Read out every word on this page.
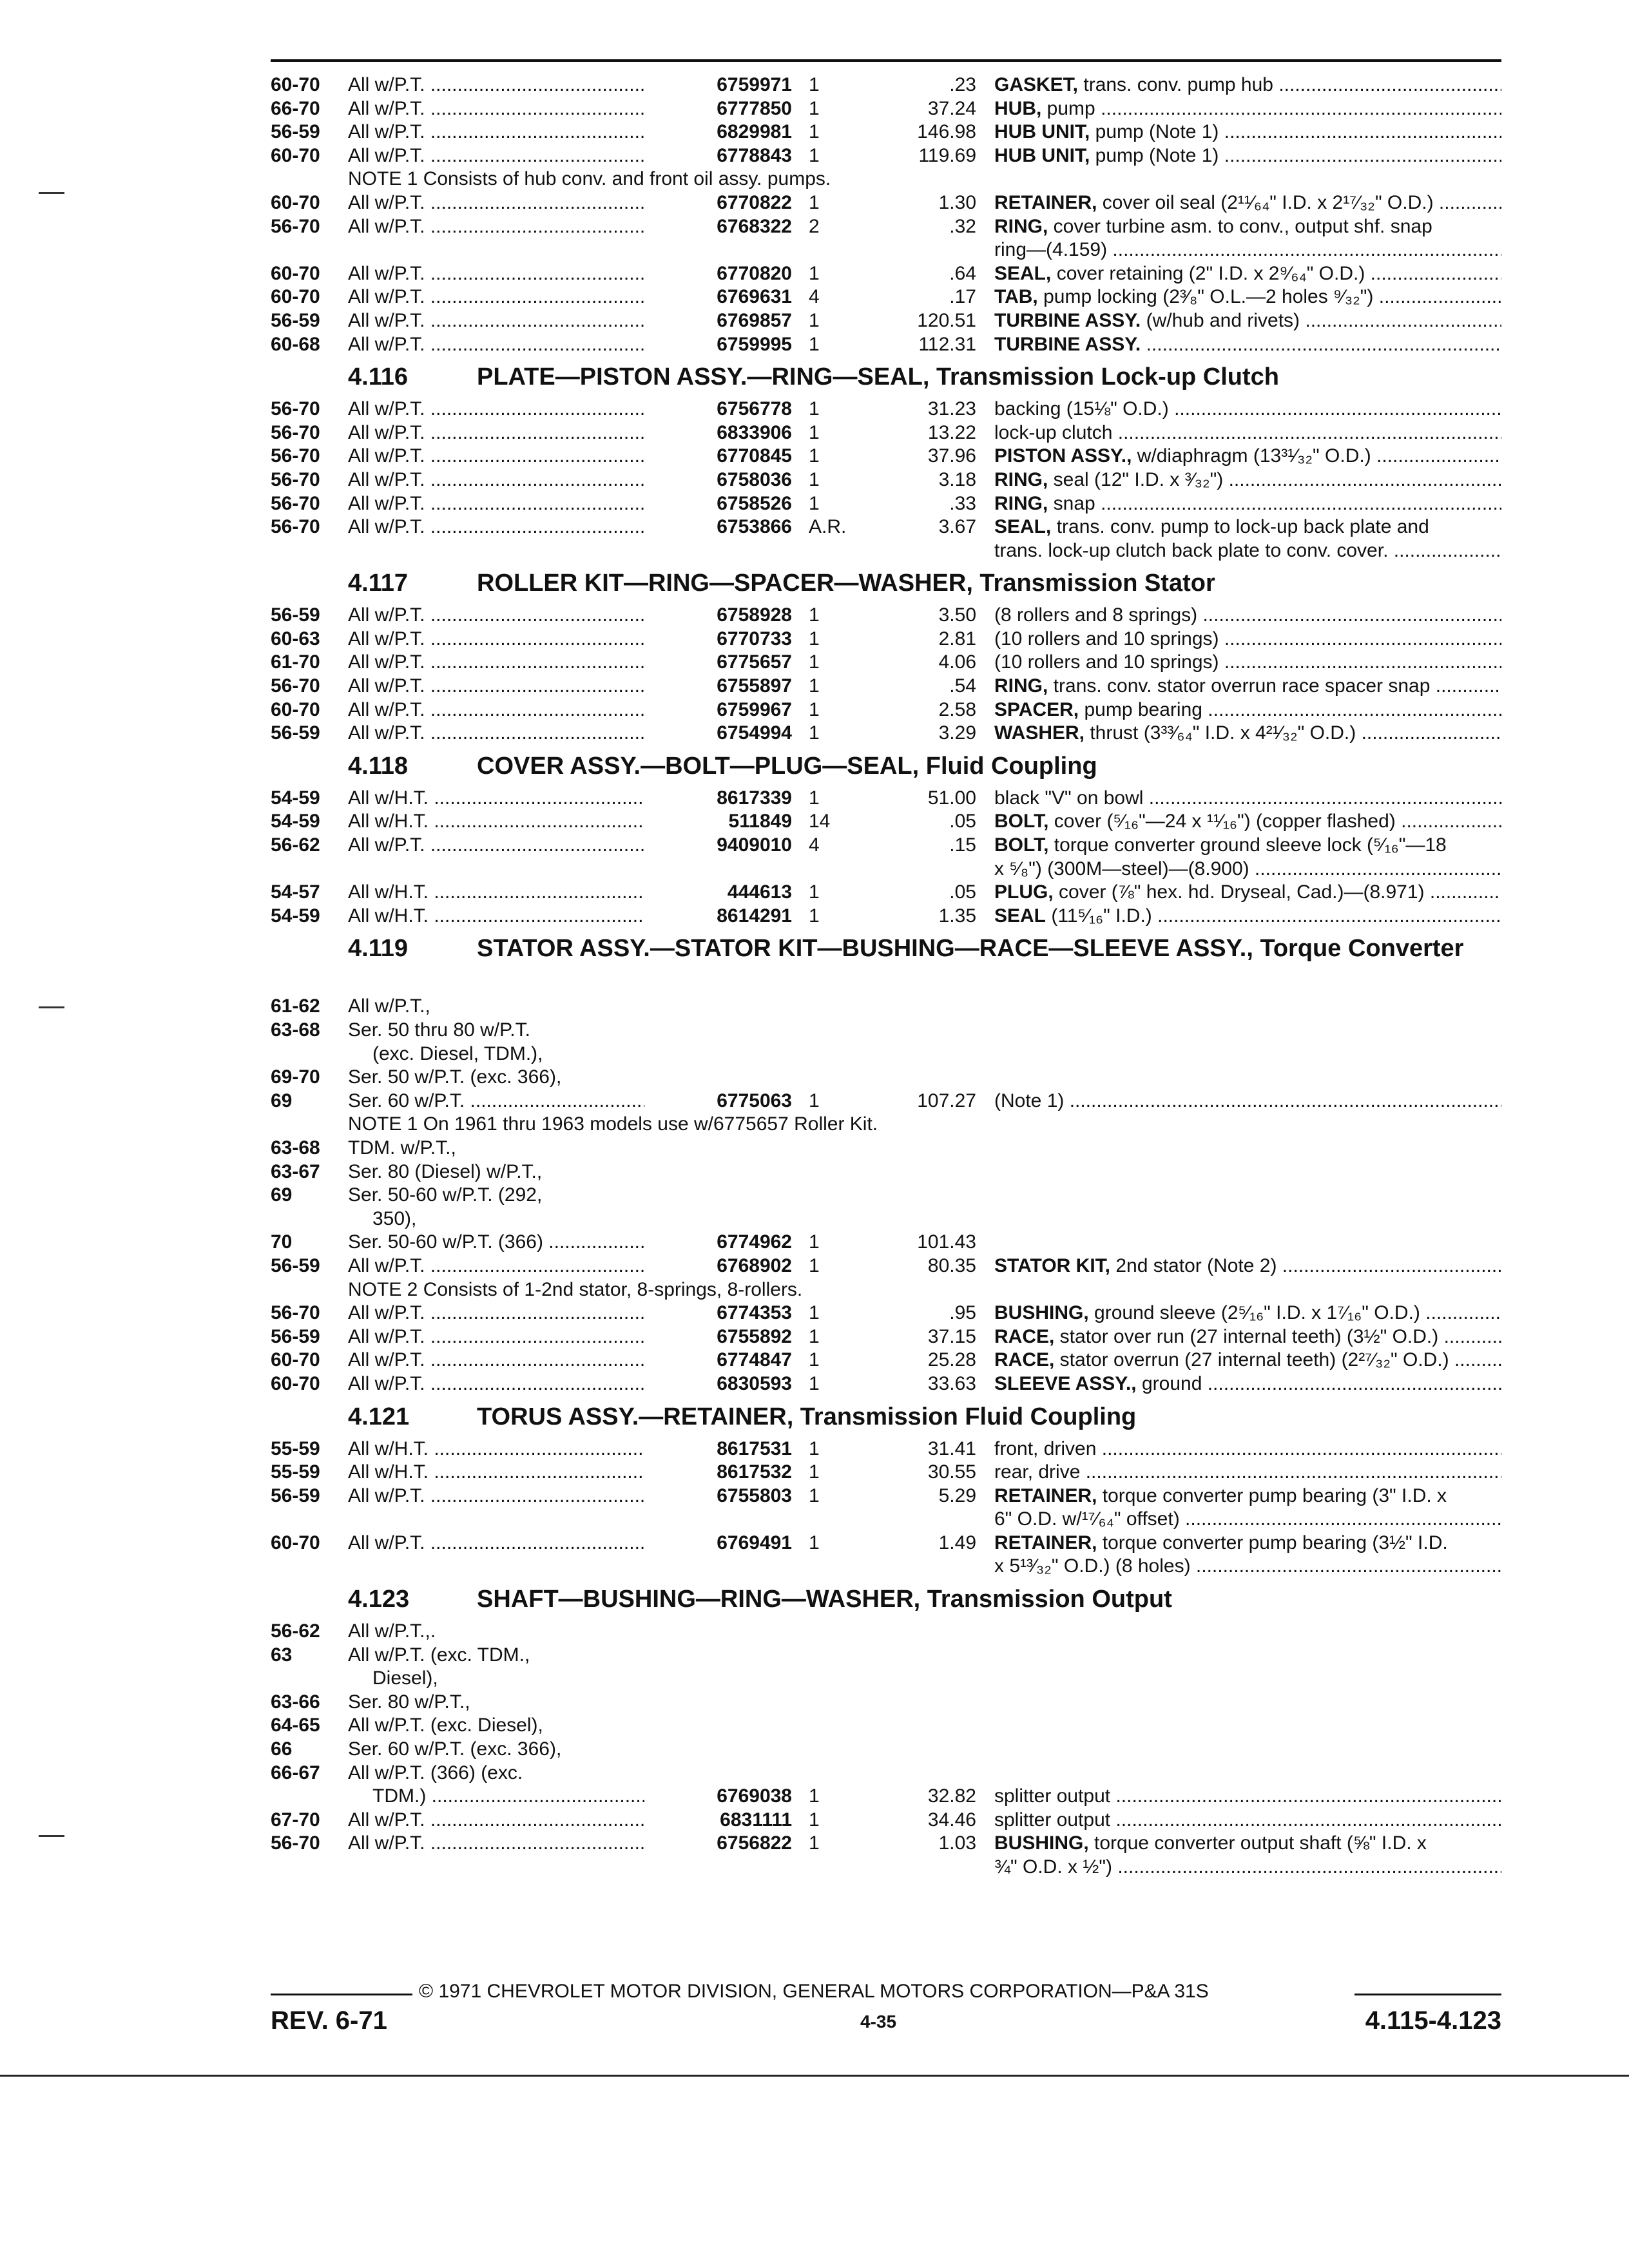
60-70	All w/P.T. .....	6759971 1	.23 GASKET, trans. conv. pump hub .....
66-70	All w/P.T. .....	6777850 1	37.24 HUB, pump .....
56-59	All w/P.T. .....	6829981 1	146.98 HUB UNIT, pump (Note 1) .....
60-70	All w/P.T. .....	6778843 1	119.69 HUB UNIT, pump (Note 1) .....
NOTE 1 Consists of hub conv. and front oil assy. pumps.
60-70	All w/P.T. .....	6770822 1	1.30 RETAINER, cover oil seal (2¹¹⁄₆₄" I.D. x 2¹⁷⁄₃₂" O.D.) .....
56-70	All w/P.T. .....	6768322 2	.32 RING, cover turbine asm. to conv., output shf. snap
ring—(4.159) .....
60-70	All w/P.T. .....	6770820 1	.64 SEAL, cover retaining (2" I.D. x 2⁹⁄₆₄" O.D.) .....
60-70	All w/P.T. .....	6769631 4	.17 TAB, pump locking (2³⁄₈" O.L.—2 holes ⁹⁄₃₂") .....
56-59	All w/P.T. .....	6769857 1	120.51 TURBINE ASSY. (w/hub and rivets) .....
60-68	All w/P.T. .....	6759995 1	112.31 TURBINE ASSY. .....
4.116	PLATE—PISTON ASSY.—RING—SEAL, Transmission Lock-up Clutch
56-70	All w/P.T. .....	6756778 1	31.23 backing (15⅛" O.D.) .....
56-70	All w/P.T. .....	6833906 1	13.22 lock-up clutch .....
56-70	All w/P.T. .....	6770845 1	37.96 PISTON ASSY., w/diaphragm (13³¹⁄₃₂" O.D.) .....
56-70	All w/P.T. .....	6758036 1	3.18 RING, seal (12" I.D. x ³⁄₃₂") .....
56-70	All w/P.T. .....	6758526 1	.33 RING, snap .....
56-70	All w/P.T. .....	6753866 A.R.	3.67 SEAL, trans. conv. pump to lock-up back plate and
trans. lock-up clutch back plate to conv. cover. .....
4.117	ROLLER KIT—RING—SPACER—WASHER, Transmission Stator
56-59	All w/P.T. .....	6758928 1	3.50 (8 rollers and 8 springs) .....
60-63	All w/P.T. .....	6770733 1	2.81 (10 rollers and 10 springs) .....
61-70	All w/P.T. .....	6775657 1	4.06 (10 rollers and 10 springs) .....
56-70	All w/P.T. .....	6755897 1	.54 RING, trans. conv. stator overrun race spacer snap .....
60-70	All w/P.T. .....	6759967 1	2.58 SPACER, pump bearing .....
56-59	All w/P.T. .....	6754994 1	3.29 WASHER, thrust (3³³⁄₆₄" I.D. x 4²¹⁄₃₂" O.D.) .....
4.118	COVER ASSY.—BOLT—PLUG—SEAL, Fluid Coupling
54-59	All w/H.T. .....	8617339 1	51.00 black "V" on bowl .....
54-59	All w/H.T. .....	511849 14	.05 BOLT, cover (⁵⁄₁₆"—24 x ¹¹⁄₁₆") (copper flashed) .....
56-62	All w/P.T. .....	9409010 4	.15 BOLT, torque converter ground sleeve lock (⁵⁄₁₆"—18
x ⁵⁄₈") (300M—steel)—(8.900) .....
54-57	All w/H.T. .....	444613 1	.05 PLUG, cover (⅞" hex. hd. Dryseal, Cad.)—(8.971) .....
54-59	All w/H.T. .....	8614291 1	1.35 SEAL (11⁵⁄₁₆" I.D.) .....
4.119	STATOR ASSY.—STATOR KIT—BUSHING—RACE—SLEEVE ASSY., Torque Converter
61-62	All w/P.T.,
63-68	Ser. 50 thru 80 w/P.T.
(exc. Diesel, TDM.),
69-70	Ser. 50 w/P.T. (exc. 366),
69	Ser. 60 w/P.T. .....	6775063 1	107.27 (Note 1) .....
NOTE 1 On 1961 thru 1963 models use w/6775657 Roller Kit.
63-68	TDM. w/P.T.,
63-67	Ser. 80 (Diesel) w/P.T.,
69	Ser. 50-60 w/P.T. (292,
350),
70	Ser. 50-60 w/P.T. (366) .....	6774962 1	101.43
56-59	All w/P.T. .....	6768902 1	80.35 STATOR KIT, 2nd stator (Note 2) .....
NOTE 2 Consists of 1-2nd stator, 8-springs, 8-rollers.
56-70	All w/P.T. .....	6774353 1	.95 BUSHING, ground sleeve (2⁵⁄₁₆" I.D. x 1⁷⁄₁₆" O.D.) .....
56-59	All w/P.T. .....	6755892 1	37.15 RACE, stator over run (27 internal teeth) (3½" O.D.) .....
60-70	All w/P.T. .....	6774847 1	25.28 RACE, stator overrun (27 internal teeth) (2²⁷⁄₃₂" O.D.) .....
60-70	All w/P.T. .....	6830593 1	33.63 SLEEVE ASSY., ground .....
4.121	TORUS ASSY.—RETAINER, Transmission Fluid Coupling
55-59	All w/H.T. .....	8617531 1	31.41 front, driven .....
55-59	All w/H.T. .....	8617532 1	30.55 rear, drive .....
56-59	All w/P.T. .....	6755803 1	5.29 RETAINER, torque converter pump bearing (3" I.D. x
6" O.D. w/¹⁷⁄₆₄" offset) .....
60-70	All w/P.T. .....	6769491 1	1.49 RETAINER, torque converter pump bearing (3½" I.D.
x 5¹³⁄₃₂" O.D.) (8 holes) .....
4.123	SHAFT—BUSHING—RING—WASHER, Transmission Output
56-62	All w/P.T.,.
63	All w/P.T. (exc. TDM.,
Diesel),
63-66	Ser. 80 w/P.T.,
64-65	All w/P.T. (exc. Diesel),
66	Ser. 60 w/P.T. (exc. 366),
66-67	All w/P.T. (366) (exc.
TDM.) .....	6769038 1	32.82 splitter output .....
67-70	All w/P.T. .....	6831111 1	34.46 splitter output .....
56-70	All w/P.T. .....	6756822 1	1.03 BUSHING, torque converter output shaft (⅝" I.D. x
¾" O.D. x ½") .....
© 1971 CHEVROLET MOTOR DIVISION, GENERAL MOTORS CORPORATION—P&A 31S
REV. 6-71	4-35	4.115-4.123
